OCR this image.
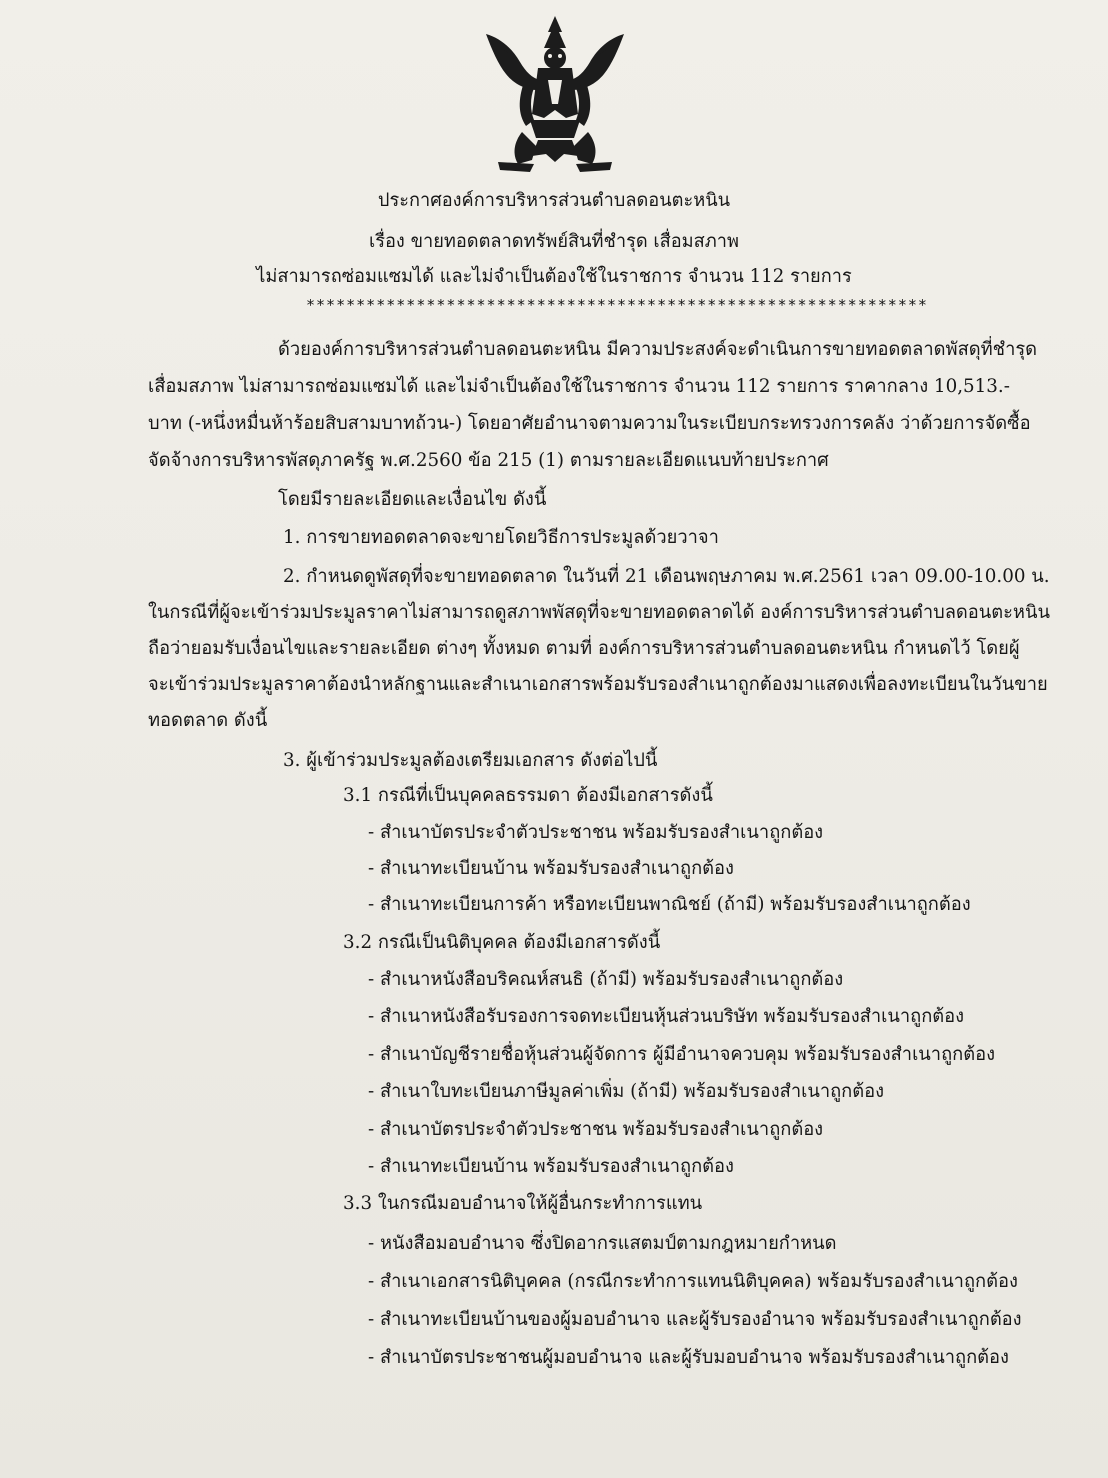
ประกาศองค์การบริหารส่วนตำบลดอนตะหนิน

เรื่อง ขายทอดตลาดทรัพย์สินที่ชำรุด เสื่อมสภาพ

ไม่สามารถซ่อมแซมได้ และไม่จำเป็นต้องใช้ในราชการ จำนวน 112 รายการ

**************************************************************

ด้วยองค์การบริหารส่วนตำบลดอนตะหนิน มีความประสงค์จะดำเนินการขายทอดตลาดพัสดุที่ชำรุด

เสื่อมสภาพ ไม่สามารถซ่อมแซมได้ และไม่จำเป็นต้องใช้ในราชการ จำนวน 112 รายการ ราคากลาง 10,513.-

บาท (-หนึ่งหมื่นห้าร้อยสิบสามบาทถ้วน-) โดยอาศัยอำนาจตามความในระเบียบกระทรวงการคลัง ว่าด้วยการจัดซื้อ

จัดจ้างการบริหารพัสดุภาครัฐ พ.ศ.2560 ข้อ 215 (1) ตามรายละเอียดแนบท้ายประกาศ

โดยมีรายละเอียดและเงื่อนไข ดังนี้

1. การขายทอดตลาดจะขายโดยวิธีการประมูลด้วยวาจา

2. กำหนดดูพัสดุที่จะขายทอดตลาด ในวันที่ 21 เดือนพฤษภาคม พ.ศ.2561 เวลา 09.00-10.00 น.

ในกรณีที่ผู้จะเข้าร่วมประมูลราคาไม่สามารถดูสภาพพัสดุที่จะขายทอดตลาดได้ องค์การบริหารส่วนตำบลดอนตะหนิน

ถือว่ายอมรับเงื่อนไขและรายละเอียด ต่างๆ ทั้งหมด ตามที่ องค์การบริหารส่วนตำบลดอนตะหนิน กำหนดไว้ โดยผู้

จะเข้าร่วมประมูลราคาต้องนำหลักฐานและสำเนาเอกสารพร้อมรับรองสำเนาถูกต้องมาแสดงเพื่อลงทะเบียนในวันขาย

ทอดตลาด ดังนี้

3. ผู้เข้าร่วมประมูลต้องเตรียมเอกสาร ดังต่อไปนี้

3.1 กรณีที่เป็นบุคคลธรรมดา ต้องมีเอกสารดังนี้

- สำเนาบัตรประจำตัวประชาชน พร้อมรับรองสำเนาถูกต้อง

- สำเนาทะเบียนบ้าน พร้อมรับรองสำเนาถูกต้อง

- สำเนาทะเบียนการค้า หรือทะเบียนพาณิชย์ (ถ้ามี) พร้อมรับรองสำเนาถูกต้อง

3.2 กรณีเป็นนิติบุคคล ต้องมีเอกสารดังนี้

- สำเนาหนังสือบริคณห์สนธิ (ถ้ามี) พร้อมรับรองสำเนาถูกต้อง

- สำเนาหนังสือรับรองการจดทะเบียนหุ้นส่วนบริษัท พร้อมรับรองสำเนาถูกต้อง

- สำเนาบัญชีรายชื่อหุ้นส่วนผู้จัดการ ผู้มีอำนาจควบคุม พร้อมรับรองสำเนาถูกต้อง

- สำเนาใบทะเบียนภาษีมูลค่าเพิ่ม (ถ้ามี) พร้อมรับรองสำเนาถูกต้อง

- สำเนาบัตรประจำตัวประชาชน พร้อมรับรองสำเนาถูกต้อง

- สำเนาทะเบียนบ้าน พร้อมรับรองสำเนาถูกต้อง

3.3 ในกรณีมอบอำนาจให้ผู้อื่นกระทำการแทน

- หนังสือมอบอำนาจ ซึ่งปิดอากรแสตมป์ตามกฎหมายกำหนด

- สำเนาเอกสารนิติบุคคล (กรณีกระทำการแทนนิติบุคคล) พร้อมรับรองสำเนาถูกต้อง

- สำเนาทะเบียนบ้านของผู้มอบอำนาจ และผู้รับรองอำนาจ พร้อมรับรองสำเนาถูกต้อง

- สำเนาบัตรประชาชนผู้มอบอำนาจ และผู้รับมอบอำนาจ พร้อมรับรองสำเนาถูกต้อง
